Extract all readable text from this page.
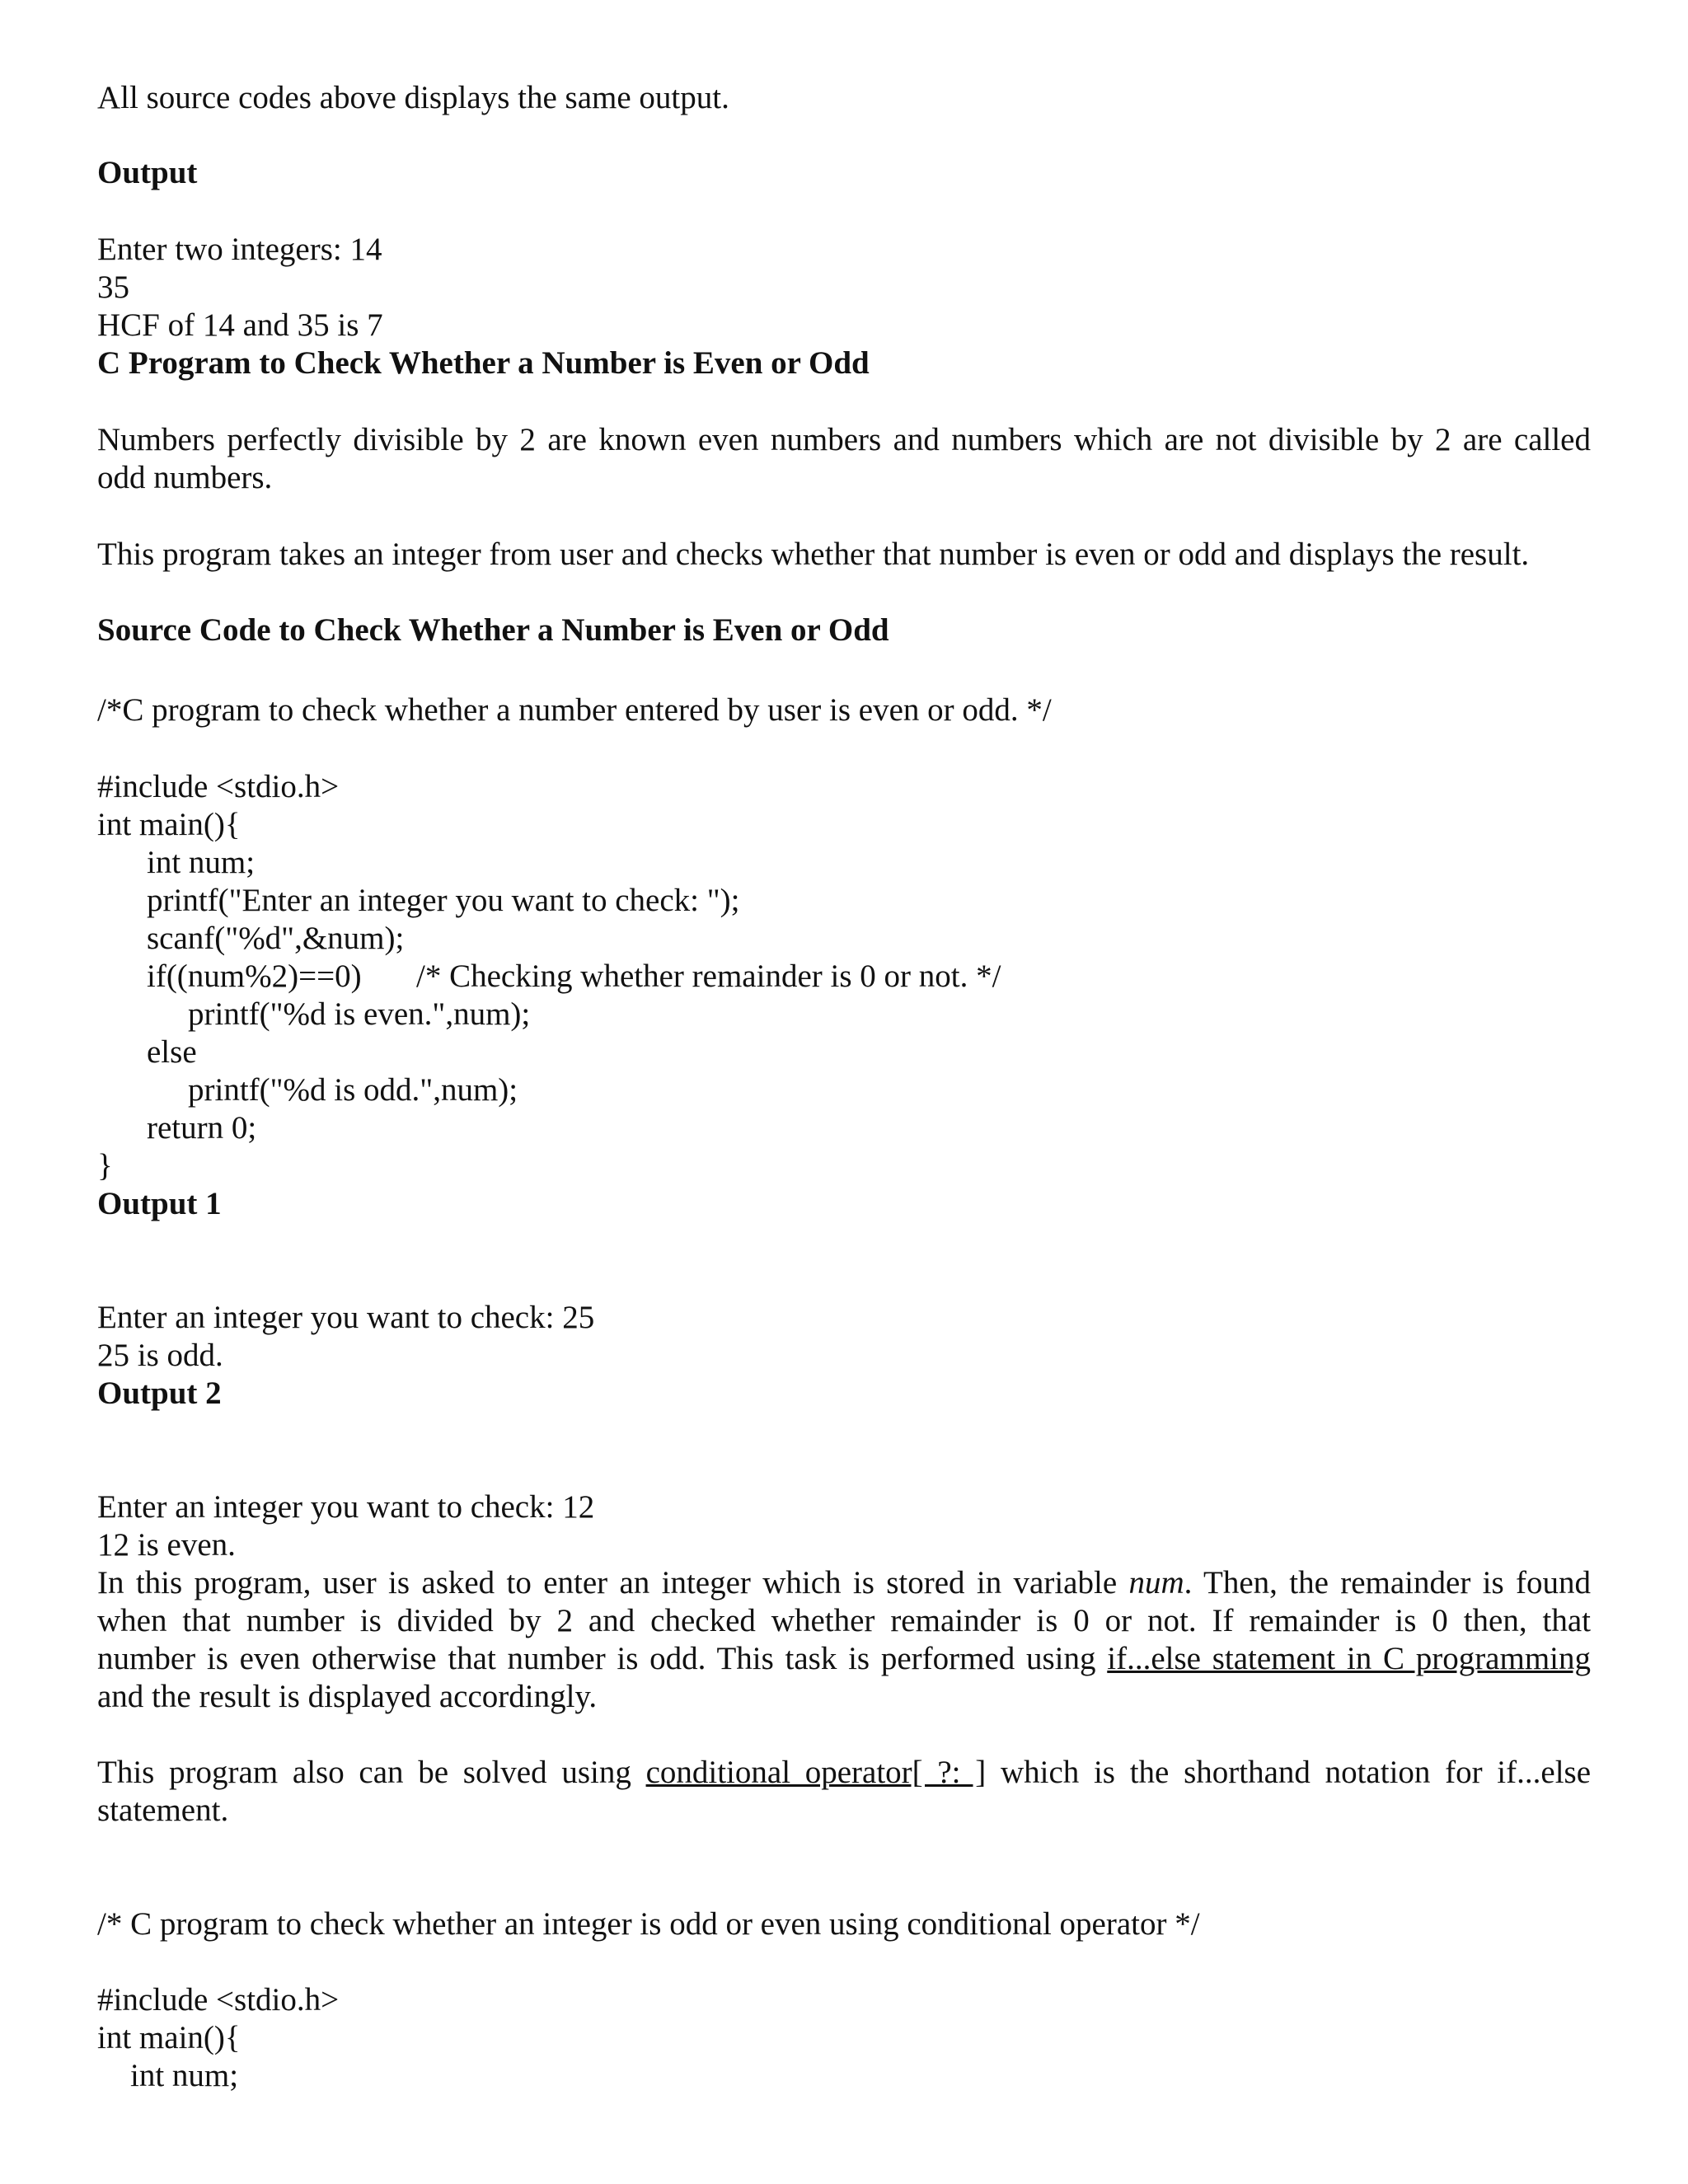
All source codes above displays the same output.
Output
Enter two integers: 14
35
HCF of 14 and 35 is 7
C Program to Check Whether a Number is Even or Odd
Numbers perfectly divisible by 2 are known even numbers and numbers which are not divisible by 2 are called
odd numbers.
This program takes an integer from user and checks whether that number is even or odd and displays the result.
Source Code to Check Whether a Number is Even or Odd
/*C program to check whether a number entered by user is even or odd. */
#include <stdio.h>
int main(){
int num;
printf("Enter an integer you want to check: ");
scanf("%d",&num);
if((num%2)==0)	/* Checking whether remainder is 0 or not. */
printf("%d is even.",num);
else
printf("%d is odd.",num);
return 0;
}
Output 1
Enter an integer you want to check: 25
25 is odd.
Output 2
Enter an integer you want to check: 12
12 is even.
In this program, user is asked to enter an integer which is stored in variable num. Then, the remainder is found
when that number is divided by 2 and checked whether remainder is 0 or not. If remainder is 0 then, that
number is even otherwise that number is odd. This task is performed using if...else statement in C programming
and the result is displayed accordingly.
This program also can be solved using conditional operator[ ?: ] which is the shorthand notation for if...else
statement.
/* C program to check whether an integer is odd or even using conditional operator */
#include <stdio.h>
int main(){
int num;
